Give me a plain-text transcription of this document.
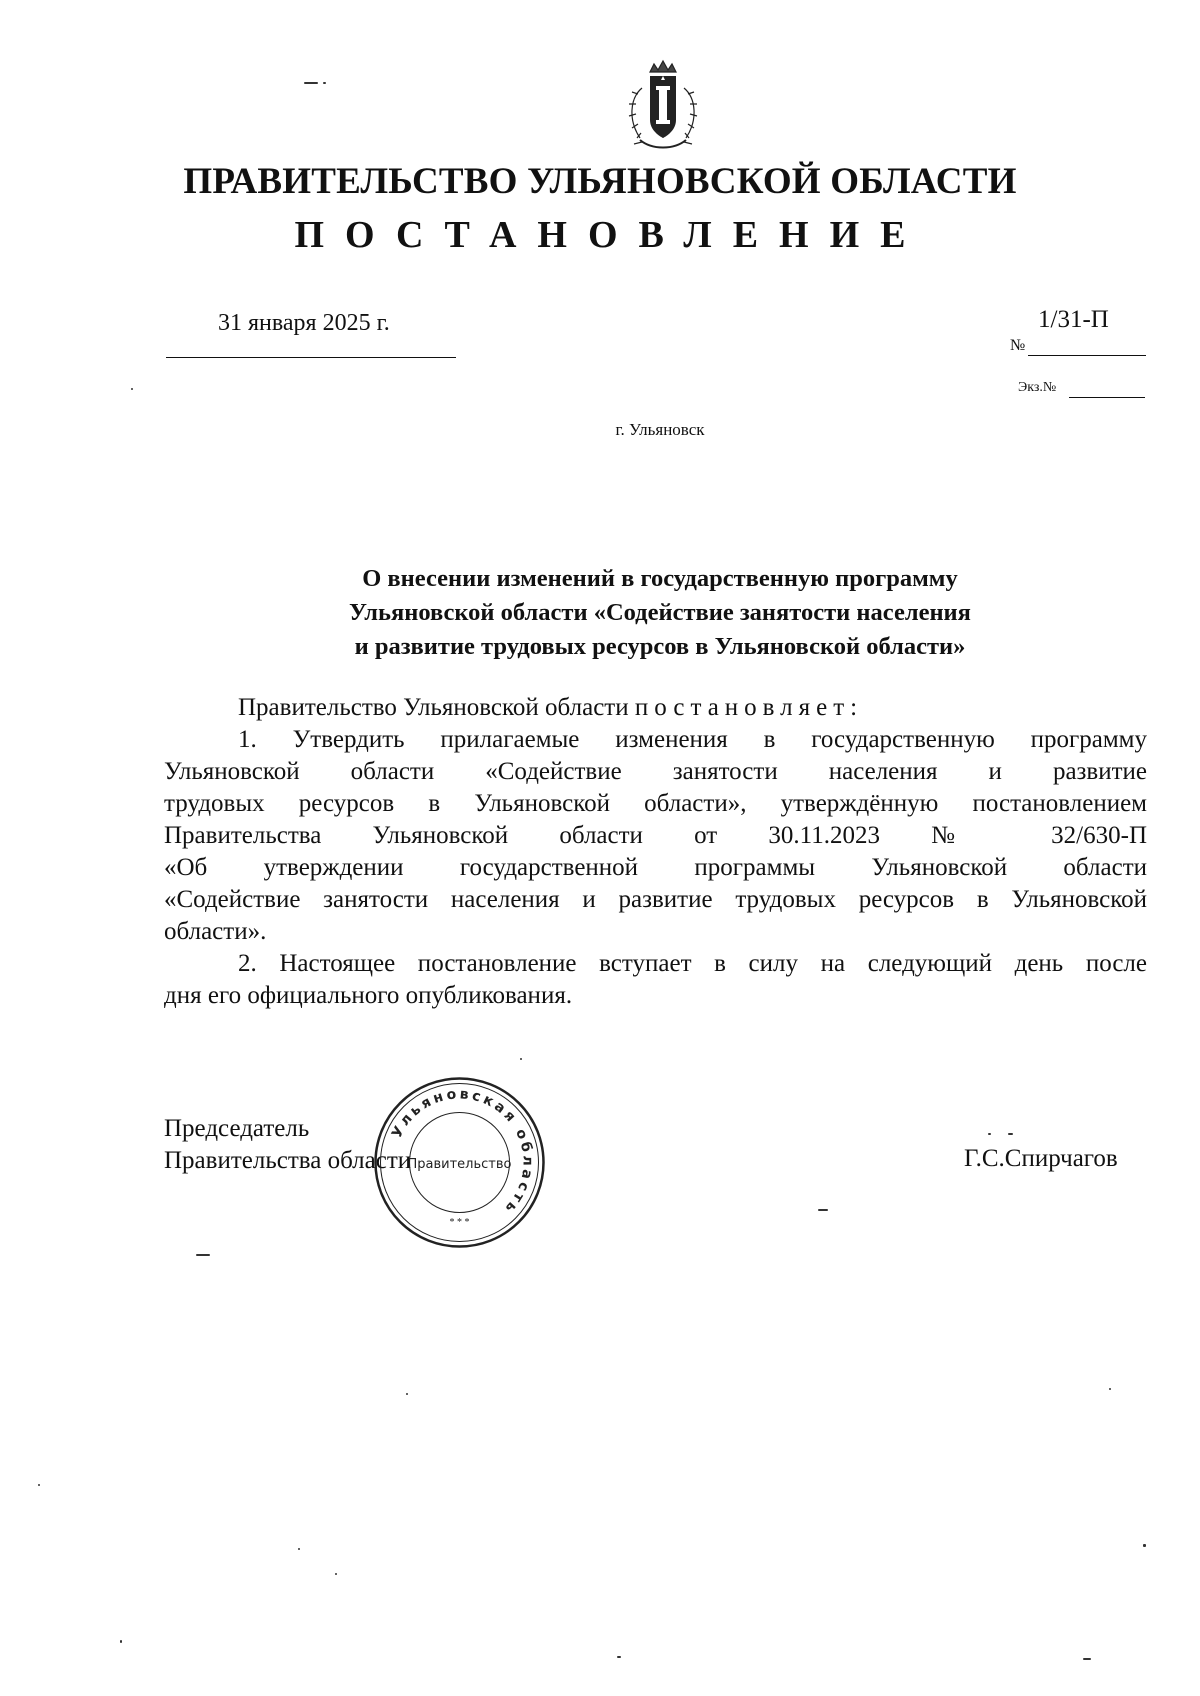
ПРАВИТЕЛЬСТВО УЛЬЯНОВСКОЙ ОБЛАСТИ
ПОСТАНОВЛЕНИЕ
31 января 2025 г.
№
1/31-П
Экз.№
г. Ульяновск
О внесении изменений в государственную программу
Ульяновской области «Содействие занятости населения
и развитие трудовых ресурсов в Ульяновской области»
Правительство Ульяновской области постановляет:
1. Утвердить прилагаемые изменения в государственную программу
Ульяновской области «Содействие занятости населения и развитие
трудовых ресурсов в Ульяновской области», утверждённую постановлением
Правительства Ульяновской области от 30.11.2023 № 32/630-П
«Об утверждении государственной программы Ульяновской области
«Содействие занятости населения и развитие трудовых ресурсов в Ульяновской
области».
2. Настоящее постановление вступает в силу на следующий день после
дня его официального опубликования.
Председатель
Правительства области	Г.С.Спирчагов
Ульяновская область
Правительство
* * *
